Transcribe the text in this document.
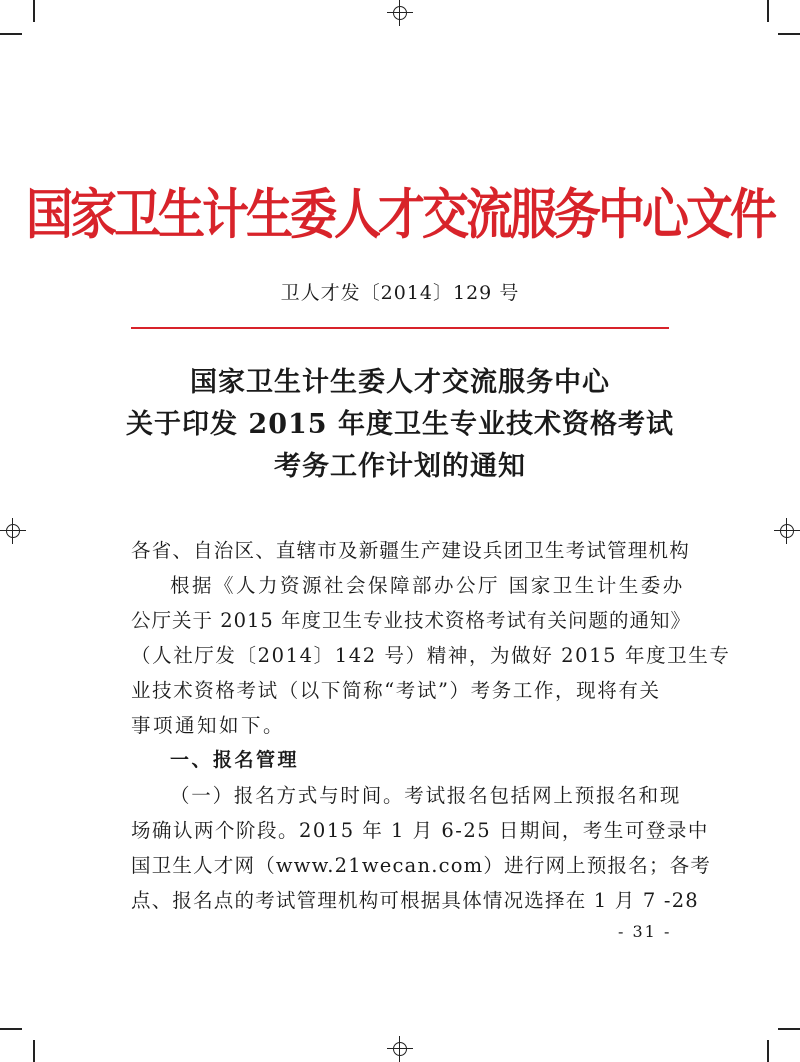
国家卫生计生委人才交流服务中心文件
卫人才发〔2014〕129 号
国家卫生计生委人才交流服务中心
关于印发 2015 年度卫生专业技术资格考试
考务工作计划的通知
各省、自治区、直辖市及新疆生产建设兵团卫生考试管理机构
根据《人力资源社会保障部办公厅 国家卫生计生委办
公厅关于 2015 年度卫生专业技术资格考试有关问题的通知》
（人社厅发〔2014〕142 号）精神，为做好 2015 年度卫生专
业技术资格考试（以下简称“考试”）考务工作，现将有关
事项通知如下。
一、报名管理
（一）报名方式与时间。考试报名包括网上预报名和现
场确认两个阶段。2015 年 1 月 6-25 日期间，考生可登录中
国卫生人才网（www.21wecan.com）进行网上预报名；各考
点、报名点的考试管理机构可根据具体情况选择在 1 月 7 -28
- 31 -
